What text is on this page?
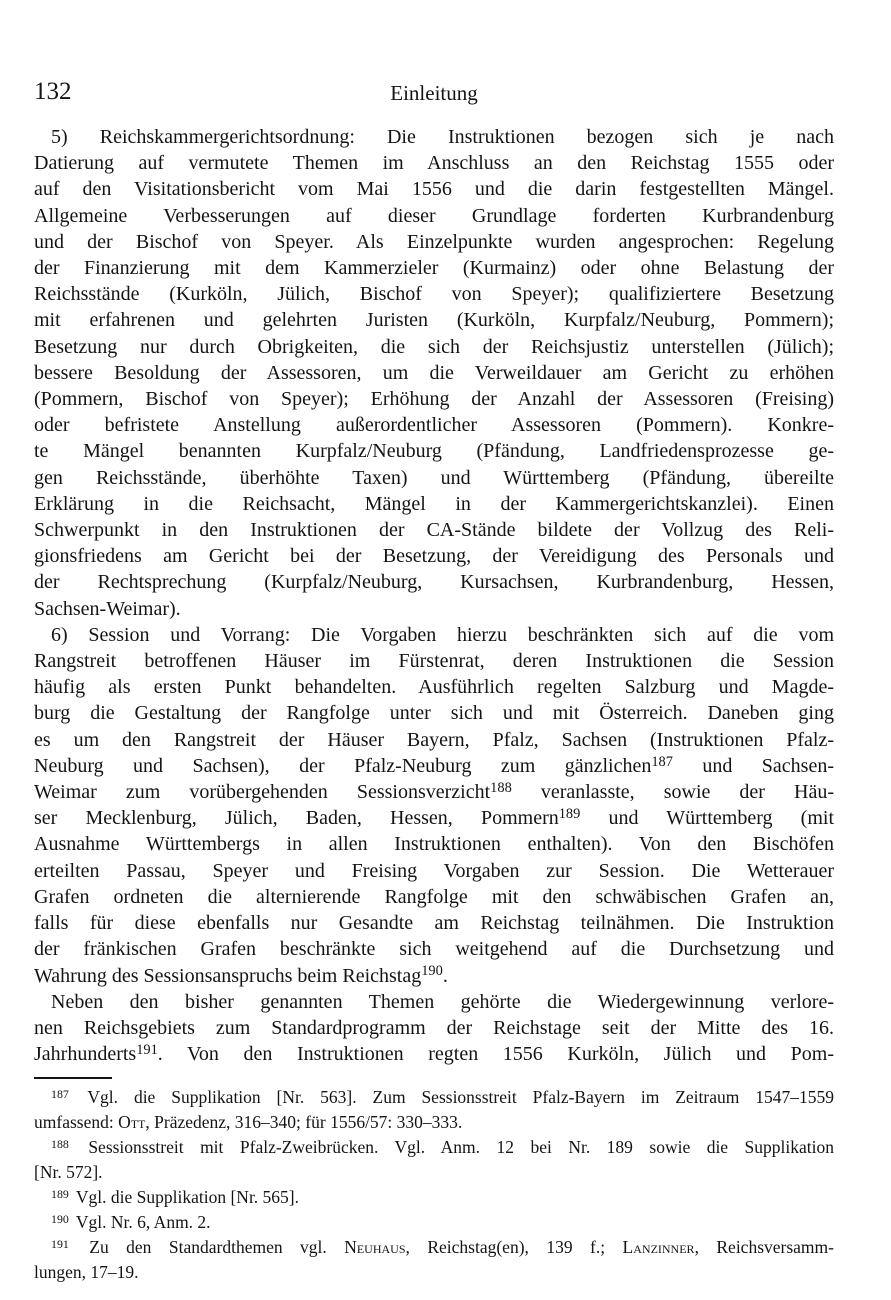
132	Einleitung
5) Reichskammergerichtsordnung: Die Instruktionen bezogen sich je nach
Datierung auf vermutete Themen im Anschluss an den Reichstag 1555 oder
auf den Visitationsbericht vom Mai 1556 und die darin festgestellten Mängel.
Allgemeine Verbesserungen auf dieser Grundlage forderten Kurbrandenburg
und der Bischof von Speyer. Als Einzelpunkte wurden angesprochen: Regelung
der Finanzierung mit dem Kammerzieler (Kurmainz) oder ohne Belastung der
Reichsstände (Kurköln, Jülich, Bischof von Speyer); qualifiziertere Besetzung
mit erfahrenen und gelehrten Juristen (Kurköln, Kurpfalz/Neuburg, Pommern);
Besetzung nur durch Obrigkeiten, die sich der Reichsjustiz unterstellen (Jülich);
bessere Besoldung der Assessoren, um die Verweildauer am Gericht zu erhöhen
(Pommern, Bischof von Speyer); Erhöhung der Anzahl der Assessoren (Freising)
oder befristete Anstellung außerordentlicher Assessoren (Pommern). Konkre-
te Mängel benannten Kurpfalz/Neuburg (Pfändung, Landfriedensprozesse ge-
gen Reichsstände, überhöhte Taxen) und Württemberg (Pfändung, übereilte
Erklärung in die Reichsacht, Mängel in der Kammergerichtskanzlei). Einen
Schwerpunkt in den Instruktionen der CA-Stände bildete der Vollzug des Reli-
gionsfriedens am Gericht bei der Besetzung, der Vereidigung des Personals und
der Rechtsprechung (Kurpfalz/Neuburg, Kursachsen, Kurbrandenburg, Hessen,
Sachsen-Weimar).
6) Session und Vorrang: Die Vorgaben hierzu beschränkten sich auf die vom
Rangstreit betroffenen Häuser im Fürstenrat, deren Instruktionen die Session
häufig als ersten Punkt behandelten. Ausführlich regelten Salzburg und Magde-
burg die Gestaltung der Rangfolge unter sich und mit Österreich. Daneben ging
es um den Rangstreit der Häuser Bayern, Pfalz, Sachsen (Instruktionen Pfalz-
Neuburg und Sachsen), der Pfalz-Neuburg zum gänzlichen$^{187}$ und Sachsen-
Weimar zum vorübergehenden Sessionsverzicht$^{188}$ veranlasste, sowie der Häu-
ser Mecklenburg, Jülich, Baden, Hessen, Pommern$^{189}$ und Württemberg (mit
Ausnahme Württembergs in allen Instruktionen enthalten). Von den Bischöfen
erteilten Passau, Speyer und Freising Vorgaben zur Session. Die Wetterauer
Grafen ordneten die alternierende Rangfolge mit den schwäbischen Grafen an,
falls für diese ebenfalls nur Gesandte am Reichstag teilnähmen. Die Instruktion
der fränkischen Grafen beschränkte sich weitgehend auf die Durchsetzung und
Wahrung des Sessionsanspruchs beim Reichstag$^{190}$.
Neben den bisher genannten Themen gehörte die Wiedergewinnung verlore-
nen Reichsgebiets zum Standardprogramm der Reichstage seit der Mitte des 16.
Jahrhunderts$^{191}$. Von den Instruktionen regten 1556 Kurköln, Jülich und Pom-
$^{187}$ Vgl. die Supplikation [Nr. 563]. Zum Sessionsstreit Pfalz-Bayern im Zeitraum 1547–1559
umfassend: Ott, Präzedenz, 316–340; für 1556/57: 330–333.
$^{188}$ Sessionsstreit mit Pfalz-Zweibrücken. Vgl. Anm. 12 bei Nr. 189 sowie die Supplikation
[Nr. 572].
$^{189}$ Vgl. die Supplikation [Nr. 565].
$^{190}$ Vgl. Nr. 6, Anm. 2.
$^{191}$ Zu den Standardthemen vgl. Neuhaus, Reichstag(en), 139 f.; Lanzinner, Reichsversamm-
lungen, 17–19.
